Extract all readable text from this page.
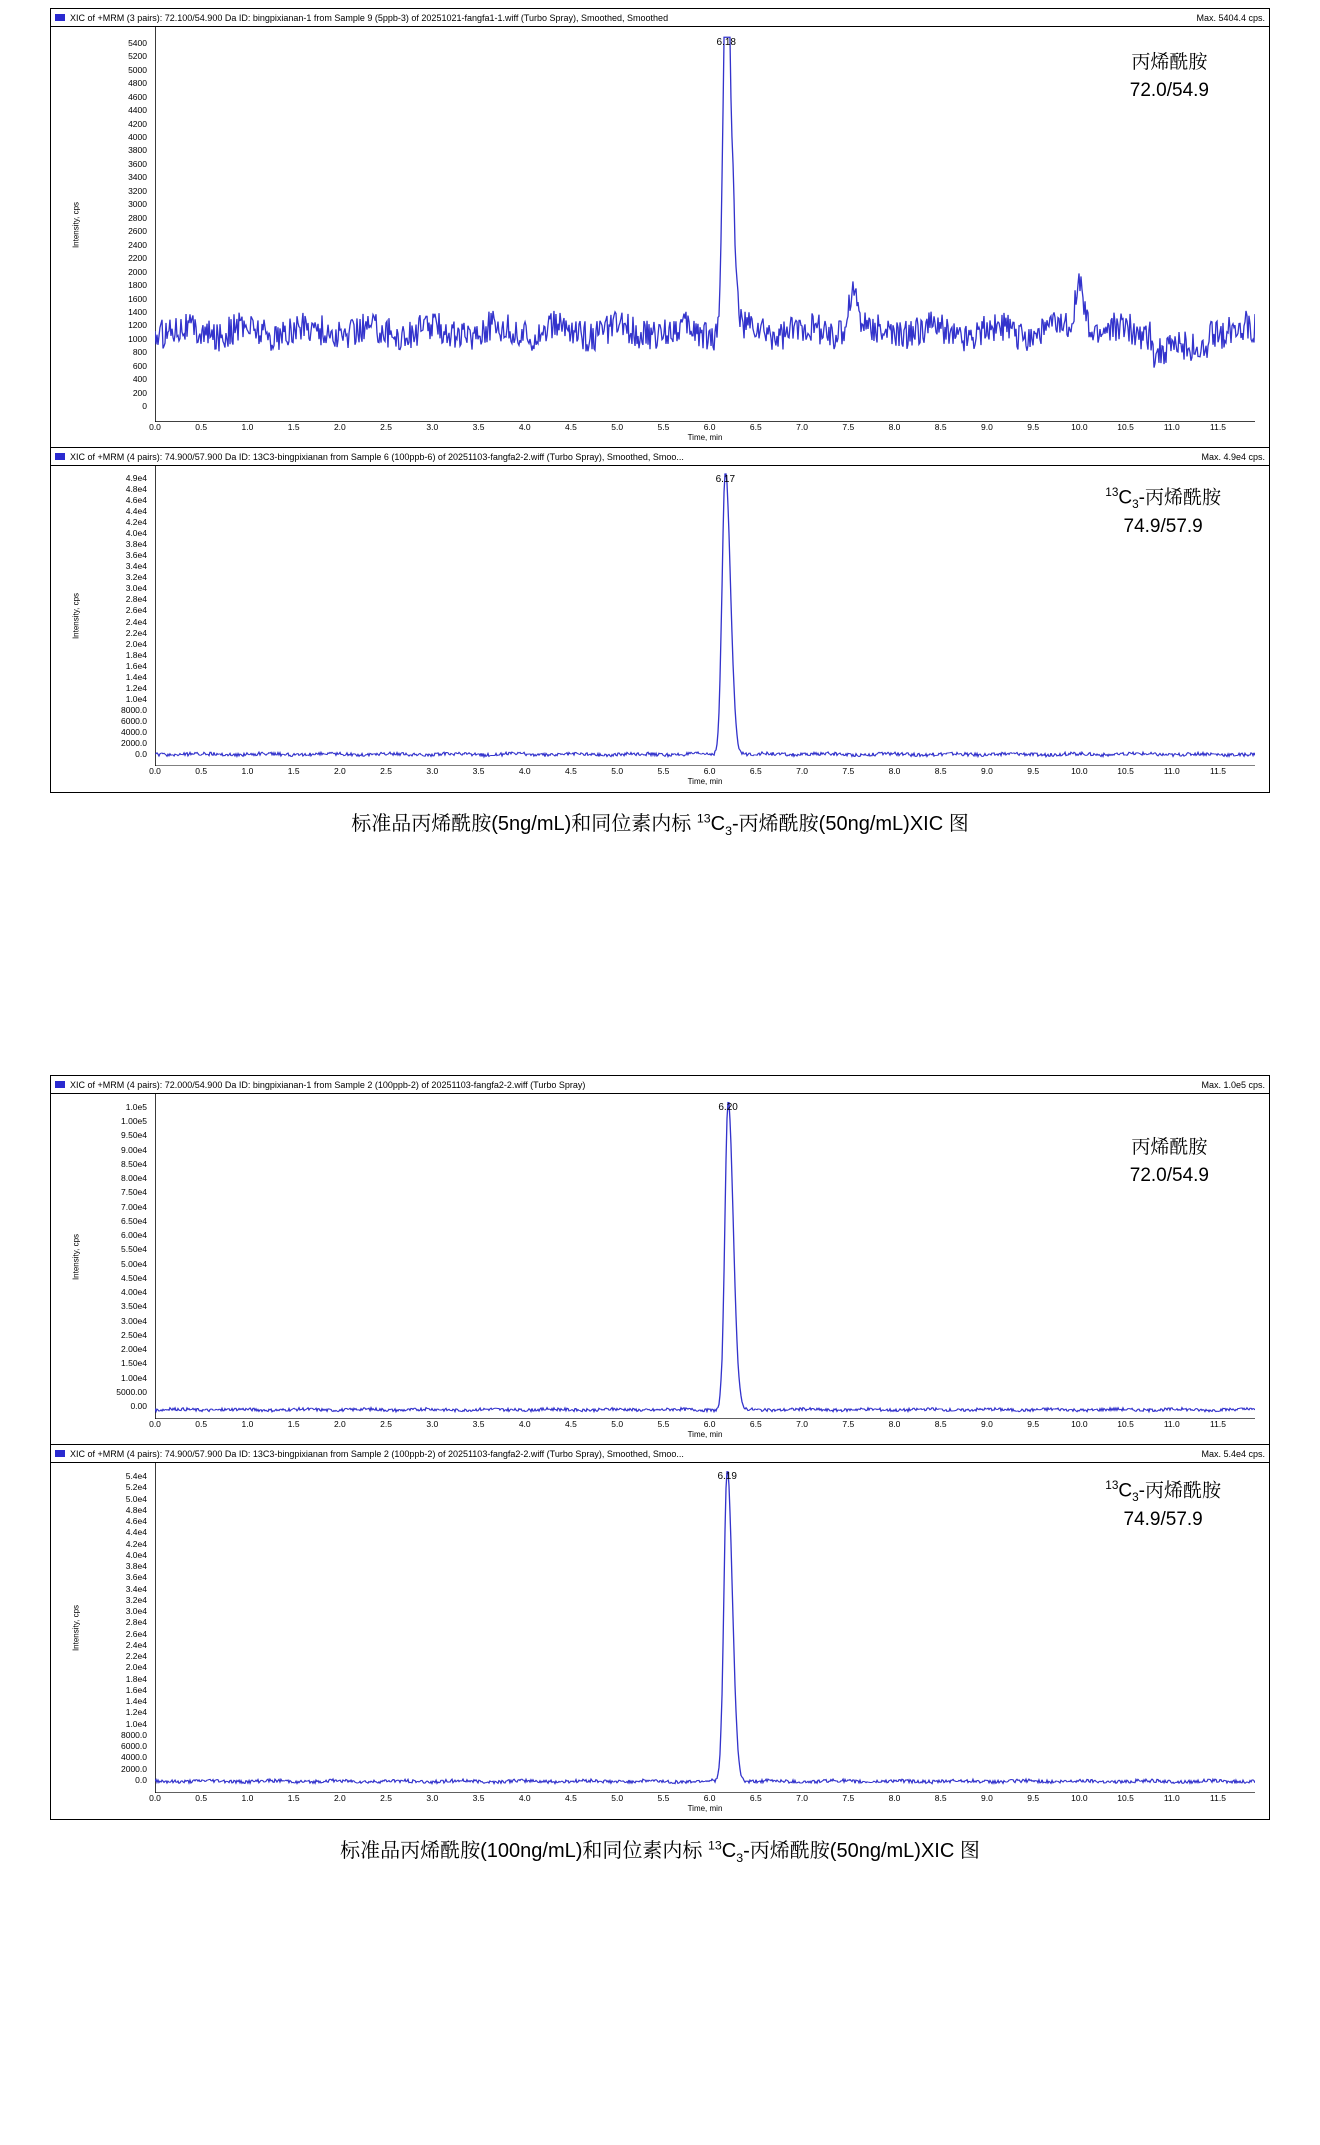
XIC of +MRM (3 pairs): 72.100/54.900 Da ID: bingpixianan-1 from Sample 9 (5ppb-3) of 20251021-fangfa1-1.wiff (Turbo Spray), Smoothed, Smoothed	Max. 5404.4 cps.
Intensity, cps
5400
5200
5000
4800
4600
4400
4200
4000
3800
3600
3400
3200
3000
2800
2600
2400
2200
2000
1800
1600
1400
1200
1000
800
600
400
200
0
6.18
丙烯酰胺
72.0/54.9
0.0	0.5	1.0	1.5	2.0	2.5	3.0	3.5	4.0	4.5	5.0	5.5	6.0	6.5	7.0	7.5	8.0	8.5	9.0	9.5	10.0	10.5	11.0	11.5
Time, min
XIC of +MRM (4 pairs): 74.900/57.900 Da ID: 13C3-bingpixianan from Sample 6 (100ppb-6) of 20251103-fangfa2-2.wiff (Turbo Spray), Smoothed, Smoo...	Max. 4.9e4 cps.
Intensity, cps
4.9e4
4.8e4
4.6e4
4.4e4
4.2e4
4.0e4
3.8e4
3.6e4
3.4e4
3.2e4
3.0e4
2.8e4
2.6e4
2.4e4
2.2e4
2.0e4
1.8e4
1.6e4
1.4e4
1.2e4
1.0e4
8000.0
6000.0
4000.0
2000.0
0.0
6.17
$^{13}C_3-$丙烯酰胺
74.9/57.9
0.0	0.5	1.0	1.5	2.0	2.5	3.0	3.5	4.0	4.5	5.0	5.5	6.0	6.5	7.0	7.5	8.0	8.5	9.0	9.5	10.0	10.5	11.0	11.5
Time, min
标准品丙烯酰胺(5ng/mL)和同位素内标 $^{13}C_3-$丙烯酰胺(50ng/mL)XIC 图
XIC of +MRM (4 pairs): 72.000/54.900 Da ID: bingpixianan-1 from Sample 2 (100ppb-2) of 20251103-fangfa2-2.wiff (Turbo Spray)	Max. 1.0e5 cps.
Intensity, cps
1.0e5
1.00e5
9.50e4
9.00e4
8.50e4
8.00e4
7.50e4
7.00e4
6.50e4
6.00e4
5.50e4
5.00e4
4.50e4
4.00e4
3.50e4
3.00e4
2.50e4
2.00e4
1.50e4
1.00e4
5000.00
0.00
6.20
丙烯酰胺
72.0/54.9
0.0	0.5	1.0	1.5	2.0	2.5	3.0	3.5	4.0	4.5	5.0	5.5	6.0	6.5	7.0	7.5	8.0	8.5	9.0	9.5	10.0	10.5	11.0	11.5
Time, min
XIC of +MRM (4 pairs): 74.900/57.900 Da ID: 13C3-bingpixianan from Sample 2 (100ppb-2) of 20251103-fangfa2-2.wiff (Turbo Spray), Smoothed, Smoo...	Max. 5.4e4 cps.
Intensity, cps
5.4e4
5.2e4
5.0e4
4.8e4
4.6e4
4.4e4
4.2e4
4.0e4
3.8e4
3.6e4
3.4e4
3.2e4
3.0e4
2.8e4
2.6e4
2.4e4
2.2e4
2.0e4
1.8e4
1.6e4
1.4e4
1.2e4
1.0e4
8000.0
6000.0
4000.0
2000.0
0.0
6.19
$^{13}C_3-$丙烯酰胺
74.9/57.9
0.0	0.5	1.0	1.5	2.0	2.5	3.0	3.5	4.0	4.5	5.0	5.5	6.0	6.5	7.0	7.5	8.0	8.5	9.0	9.5	10.0	10.5	11.0	11.5
Time, min
标准品丙烯酰胺(100ng/mL)和同位素内标 $^{13}C_3-$丙烯酰胺(50ng/mL)XIC 图
